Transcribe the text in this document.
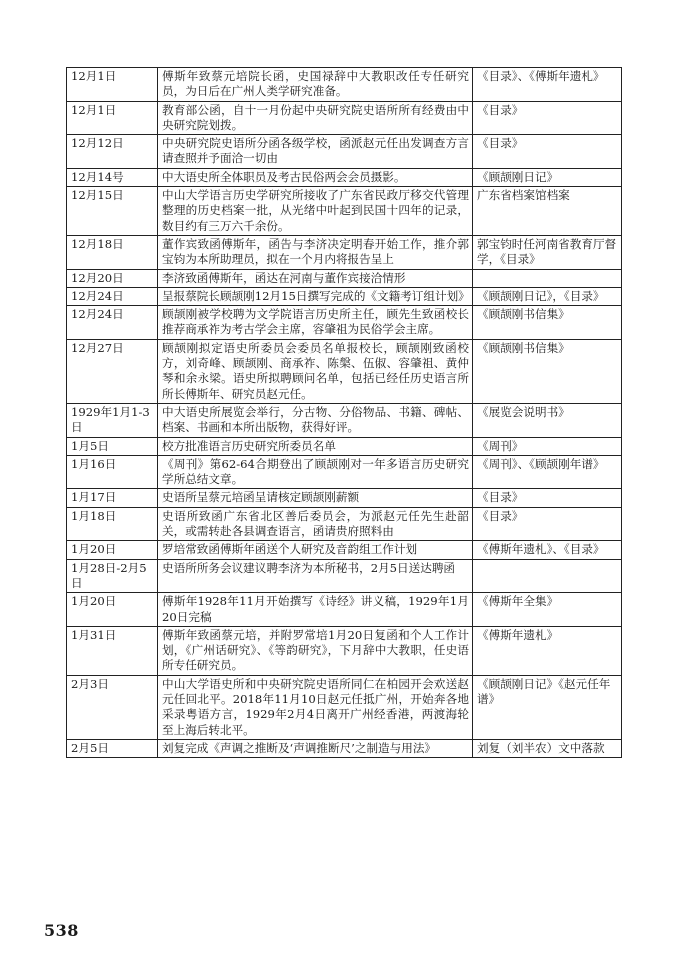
12月1日	傅斯年致蔡元培院长函，史国禄辞中大教职改任专任研究员，为日后在广州人类学研究准备。	《目录》、《傅斯年遗札》
12月1日	教育部公函，自十一月份起中央研究院史语所所有经费由中央研究院划拨。	《目录》
12月12日	中央研究院史语所分函各级学校，函派赵元任出发调查方言请查照并予面洽一切由	《目录》
12月14号	中大语史所全体职员及考古民俗两会会员摄影。	《顾颉刚日记》
12月15日	中山大学语言历史学研究所接收了广东省民政厅移交代管理整理的历史档案一批，从光绪中叶起到民国十四年的记录，数目约有三万六千余份。	广东省档案馆档案
12月18日	董作宾致函傅斯年，函告与李济决定明春开始工作，推介郭宝钧为本所助理员，拟在一个月内将报告呈上	郭宝钧时任河南省教育厅督学，《目录》
12月20日	李济致函傅斯年，函达在河南与董作宾接洽情形	
12月24日	呈报蔡院长顾颉刚12月15日撰写完成的《文籍考订组计划》	《顾颉刚日记》，《目录》
12月24日	顾颉刚被学校聘为文学院语言历史所主任，顾先生致函校长推荐商承祚为考古学会主席，容肇祖为民俗学会主席。	《顾颉刚书信集》
12月27日	顾颉刚拟定语史所委员会委员名单报校长，顾颉刚致函校方，刘奇峰、顾颉刚、商承祚、陈槃、伍俶、容肇祖、黄仲琴和余永梁。语史所拟聘顾问名单，包括已经任历史语言所所长傅斯年、研究员赵元任。	《顾颉刚书信集》
1929年1月1-3日	中大语史所展览会举行，分古物、分俗物品、书籍、碑帖、档案、书画和本所出版物，获得好评。	《展览会说明书》
1月5日	校方批准语言历史研究所委员名单	《周刊》
1月16日	《周刊》第62-64合期登出了顾颉刚对一年多语言历史研究学所总结文章。	《周刊》、《顾颉刚年谱》
1月17日	史语所呈蔡元培函呈请核定顾颉刚薪额	《目录》
1月18日	史语所致函广东省北区善后委员会，为派赵元任先生赴韶关，或需转赴各县调查语言，函请贵府照料由	《目录》
1月20日	罗培常致函傅斯年函送个人研究及音韵组工作计划	《傅斯年遗札》、《目录》
1月28日-2月5日	史语所所务会议建议聘李济为本所秘书，2月5日送达聘函	
1月20日	傅斯年1928年11月开始撰写《诗经》讲义稿，1929年1月20日完稿	《傅斯年全集》
1月31日	傅斯年致函蔡元培，并附罗常培1月20日复函和个人工作计划，《广州话研究》、《等韵研究》，下月辞中大教职，任史语所专任研究员。	《傅斯年遗札》
2月3日	中山大学语史所和中央研究院史语所同仁在柏园开会欢送赵元任回北平。2018年11月10日赵元任抵广州，开始奔各地采录粤语方言，1929年2月4日离开广州经香港，两渡海轮至上海后转北平。	《顾颉刚日记》《赵元任年谱》
2月5日	刘复完成《声调之推断及‘声调推断尺’之制造与用法》	刘复（刘半农）文中落款
538
